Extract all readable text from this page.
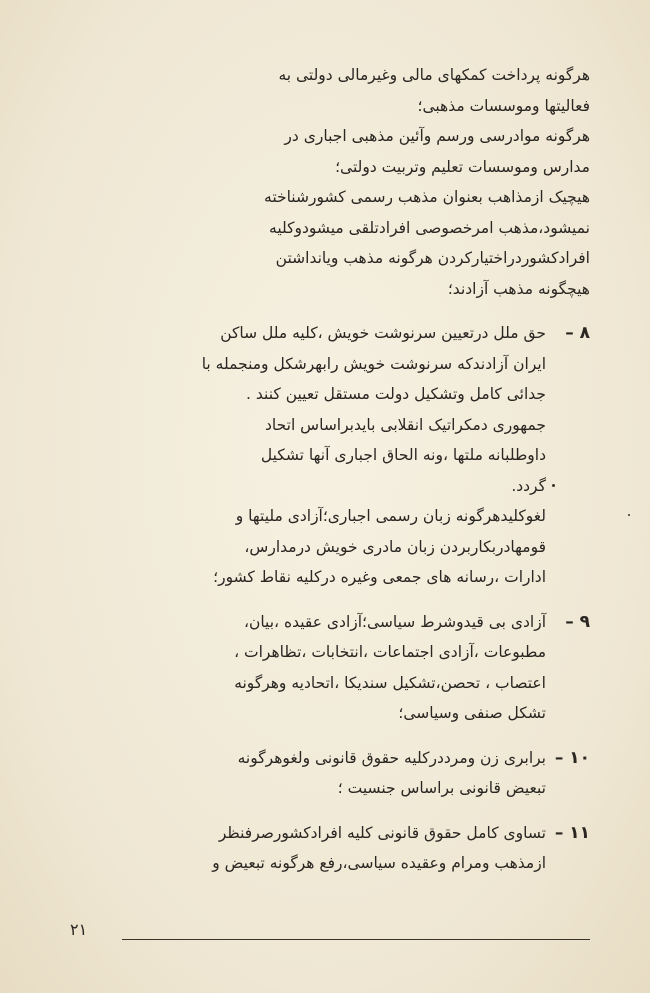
هرگونه پرداخت کمکهای مالی وغیرمالی دولتی به

فعالیتها وموسسات مذهبی؛

هرگونه موادرسی ورسم وآئین مذهبی اجباری در

مدارس وموسسات تعلیم وتربیت دولتی؛

هیچیک ازمذاهب بعنوان مذهب رسمی کشورشناخته

نمیشود،مذهب امرخصوصی افرادتلقی میشودوکلیه

افرادکشوردراختیارکردن هرگونه مذهب ویانداشتن

هیچگونه مذهب آزادند؛

۸ –

حق ملل درتعیین سرنوشت خویش ،کلیه ملل ساکن

ایران آزادندکه سرنوشت خویش رابهرشکل ومنجمله با

جدائی کامل وتشکیل دولت مستقل تعیین کنند .

جمهوری دمکراتیک انقلابی بایدبراساس اتحاد

داوطلبانه ملتها ،ونه الحاق اجباری آنها تشکیل

گردد.

لغوکلیدهرگونه زبان رسمی اجباری؛آزادی ملیتها و

قومهادربکاربردن زبان مادری خویش درمدارس،

ادارات ،رسانه های جمعی وغیره درکلیه نقاط کشور؛

۹ –

آزادی بی قیدوشرط سیاسی؛آزادی عقیده ،بیان،

مطبوعات ،آزادی اجتماعات ،انتخابات ،تظاهرات ،

اعتصاب ، تحصن،تشکیل سندیکا ،اتحادیه وهرگونه

تشکل صنفی وسیاسی؛

۱۰ –

برابری زن ومرددرکلیه حقوق قانونی ولغوهرگونه

تبعیض قانونی براساس جنسیت ؛

۱۱ –

تساوی کامل حقوق قانونی کلیه افرادکشورصرفنظر

ازمذهب ومرام وعقیده سیاسی،رفع هرگونه تبعیض و

۲۱
